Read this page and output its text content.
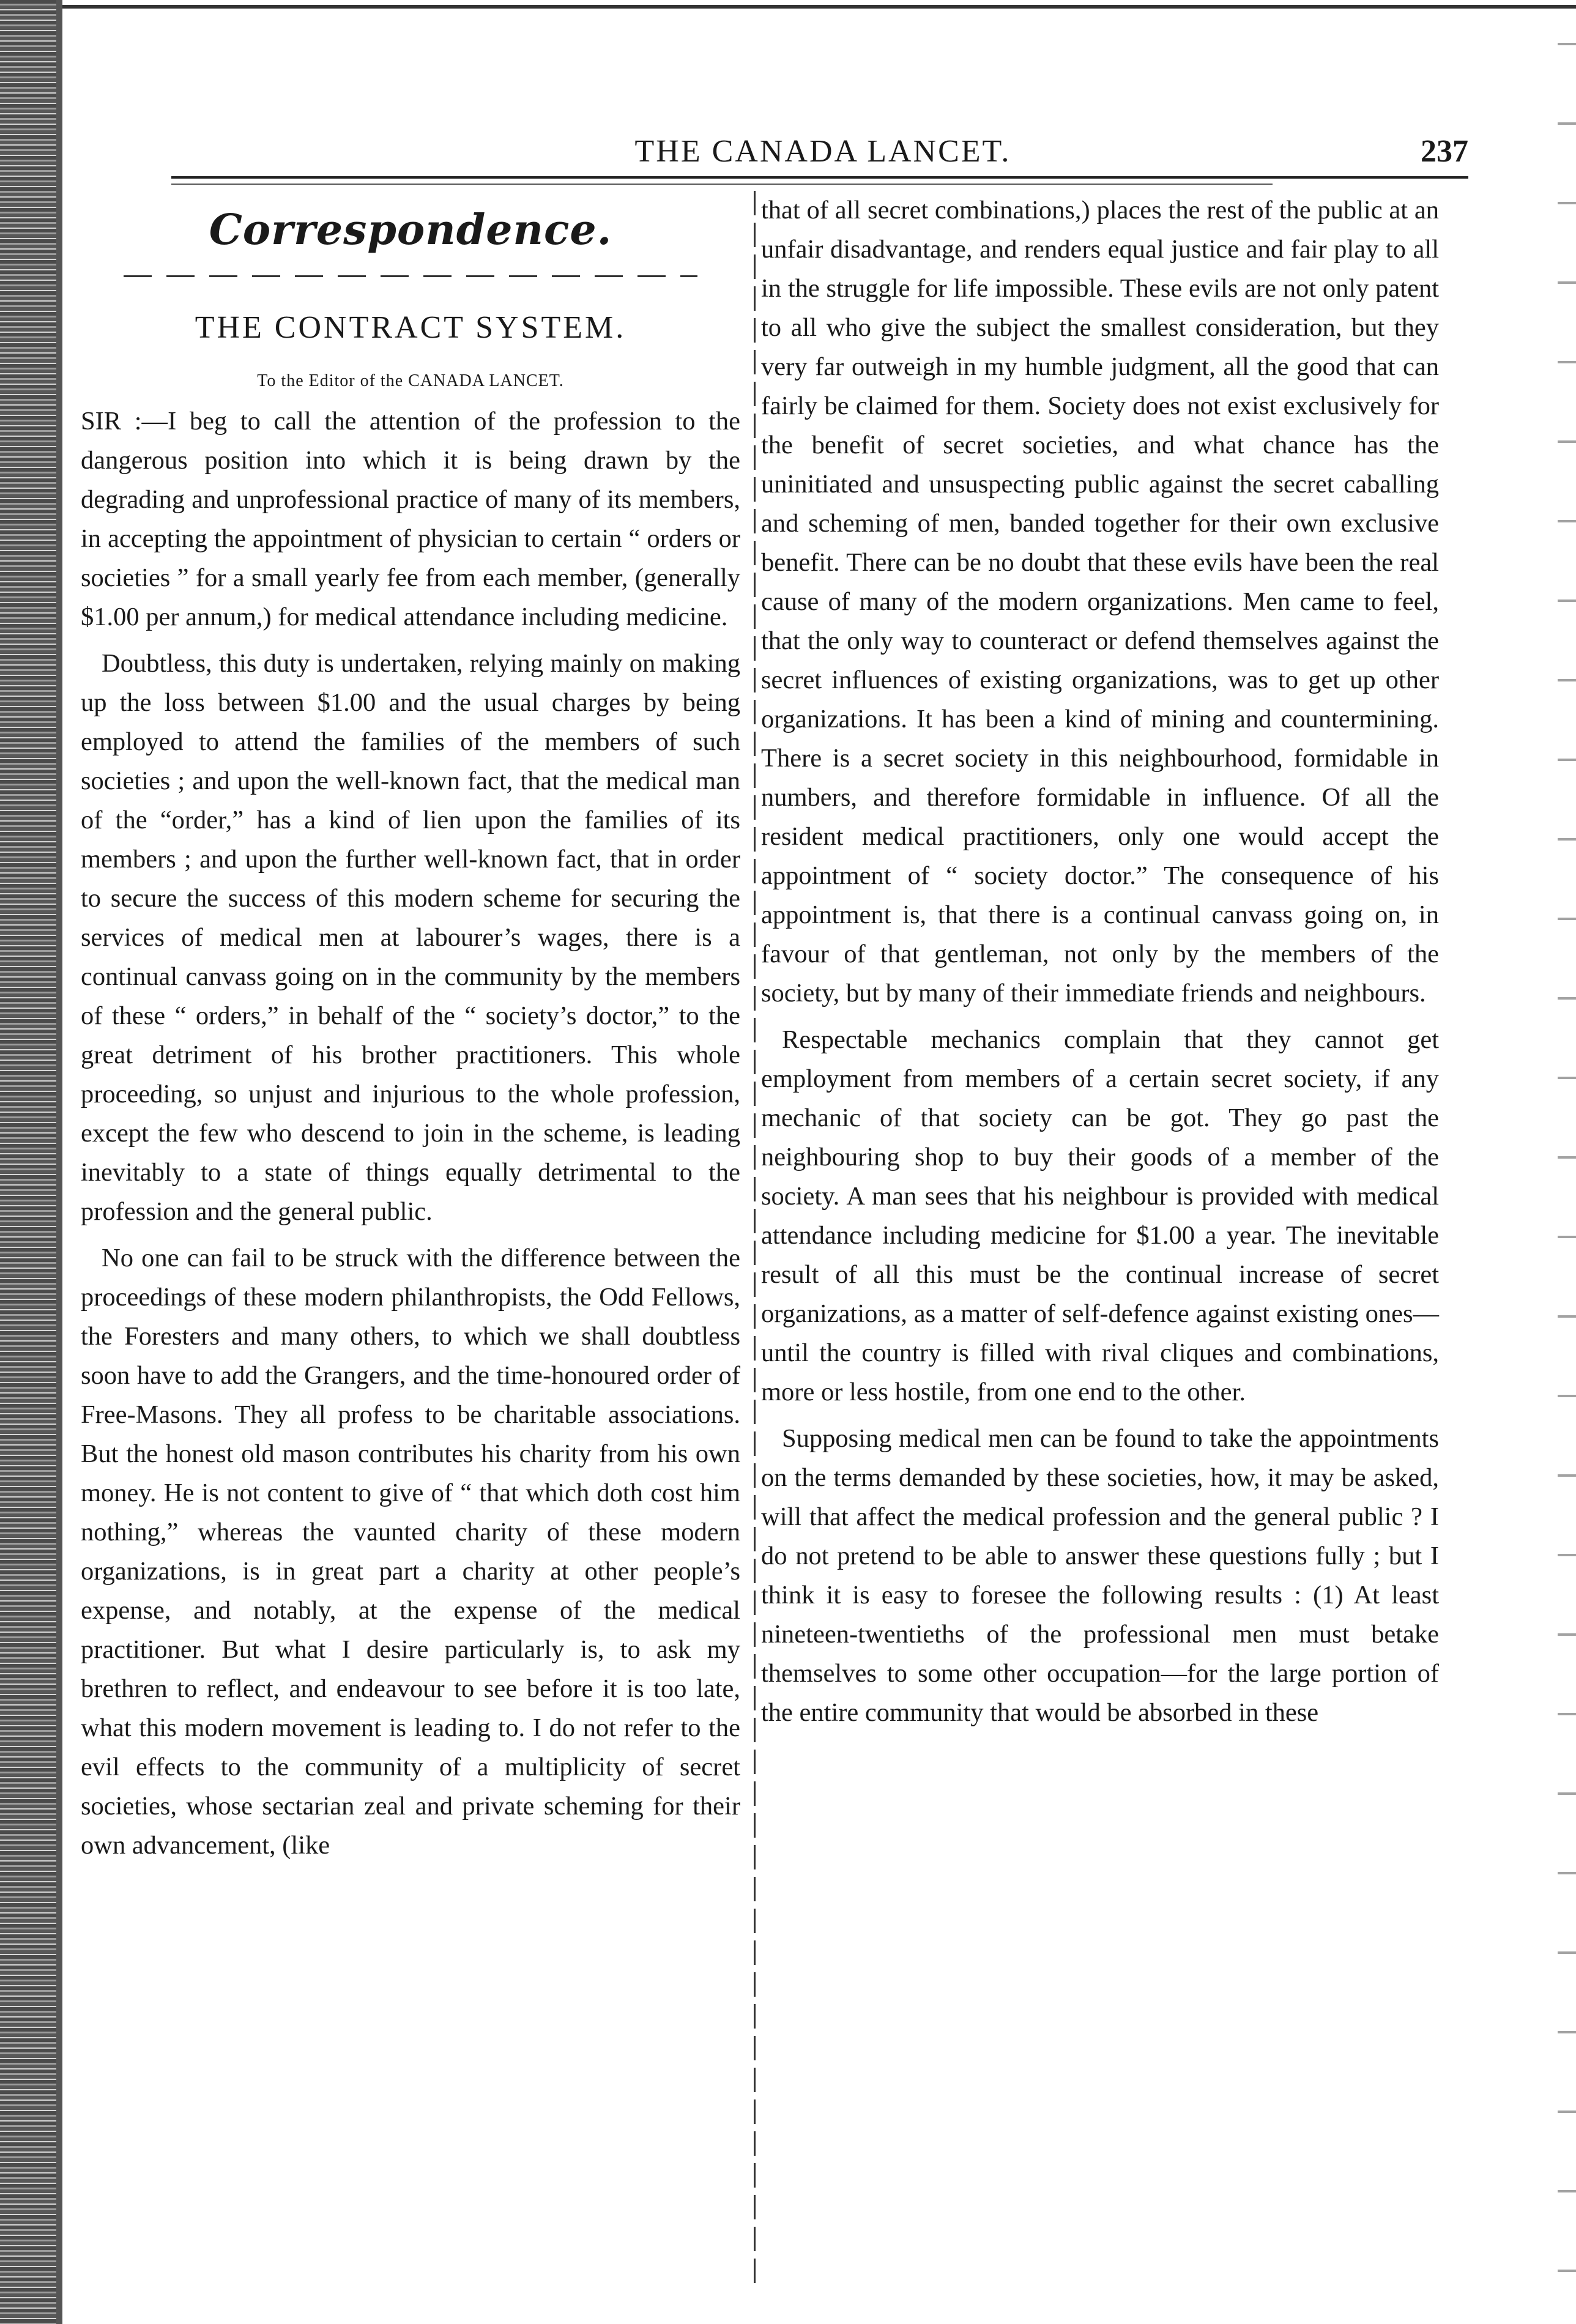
THE CANADA LANCET.	237
Correspondence.
THE CONTRACT SYSTEM.
To the Editor of the CANADA LANCET.

SIR :—I beg to call the attention of the profession to the dangerous position into which it is being drawn by the degrading and unprofessional practice of many of its members, in accepting the appointment of physician to certain “ orders or societies ” for a small yearly fee from each member, (generally $1.00 per annum,) for medical attendance including medicine.

Doubtless, this duty is undertaken, relying mainly on making up the loss between $1.00 and the usual charges by being employed to attend the families of the members of such societies ; and upon the well-known fact, that the medical man of the “order,” has a kind of lien upon the families of its members ; and upon the further well-known fact, that in order to secure the success of this modern scheme for securing the services of medical men at labourer’s wages, there is a continual canvass going on in the community by the members of these “ orders,” in behalf of the “ society’s doctor,” to the great detriment of his brother practitioners. This whole proceeding, so unjust and injurious to the whole profession, except the few who descend to join in the scheme, is leading inevitably to a state of things equally detrimental to the profession and the general public.

No one can fail to be struck with the difference between the proceedings of these modern philanthropists, the Odd Fellows, the Foresters and many others, to which we shall doubtless soon have to add the Grangers, and the time-honoured order of Free-Masons. They all profess to be charitable associations. But the honest old mason contributes his charity from his own money. He is not content to give of “ that which doth cost him nothing,” whereas the vaunted charity of these modern organizations, is in great part a charity at other people’s expense, and notably, at the expense of the medical practitioner. But what I desire particularly is, to ask my brethren to reflect, and endeavour to see before it is too late, what this modern movement is leading to. I do not refer to the evil effects to the community of a multiplicity of secret societies, whose sectarian zeal and private scheming for their own advancement, (like

that of all secret combinations,) places the rest of the public at an unfair disadvantage, and renders equal justice and fair play to all in the struggle for life impossible. These evils are not only patent to all who give the subject the smallest consideration, but they very far outweigh in my humble judgment, all the good that can fairly be claimed for them. Society does not exist exclusively for the benefit of secret societies, and what chance has the uninitiated and unsuspecting public against the secret caballing and scheming of men, banded together for their own exclusive benefit. There can be no doubt that these evils have been the real cause of many of the modern organizations. Men came to feel, that the only way to counteract or defend themselves against the secret influences of existing organizations, was to get up other organizations. It has been a kind of mining and countermining. There is a secret society in this neighbourhood, formidable in numbers, and therefore formidable in influence. Of all the resident medical practitioners, only one would accept the appointment of “ society doctor.” The consequence of his appointment is, that there is a continual canvass going on, in favour of that gentleman, not only by the members of the society, but by many of their immediate friends and neighbours.

Respectable mechanics complain that they cannot get employment from members of a certain secret society, if any mechanic of that society can be got. They go past the neighbouring shop to buy their goods of a member of the society. A man sees that his neighbour is provided with medical attendance including medicine for $1.00 a year. The inevitable result of all this must be the continual increase of secret organizations, as a matter of self-defence against existing ones— until the country is filled with rival cliques and combinations, more or less hostile, from one end to the other.

Supposing medical men can be found to take the appointments on the terms demanded by these societies, how, it may be asked, will that affect the medical profession and the general public ? I do not pretend to be able to answer these questions fully ; but I think it is easy to foresee the following results : (1) At least nineteen-twentieths of the professional men must betake themselves to some other occupation—for the large portion of the entire community that would be absorbed in these
